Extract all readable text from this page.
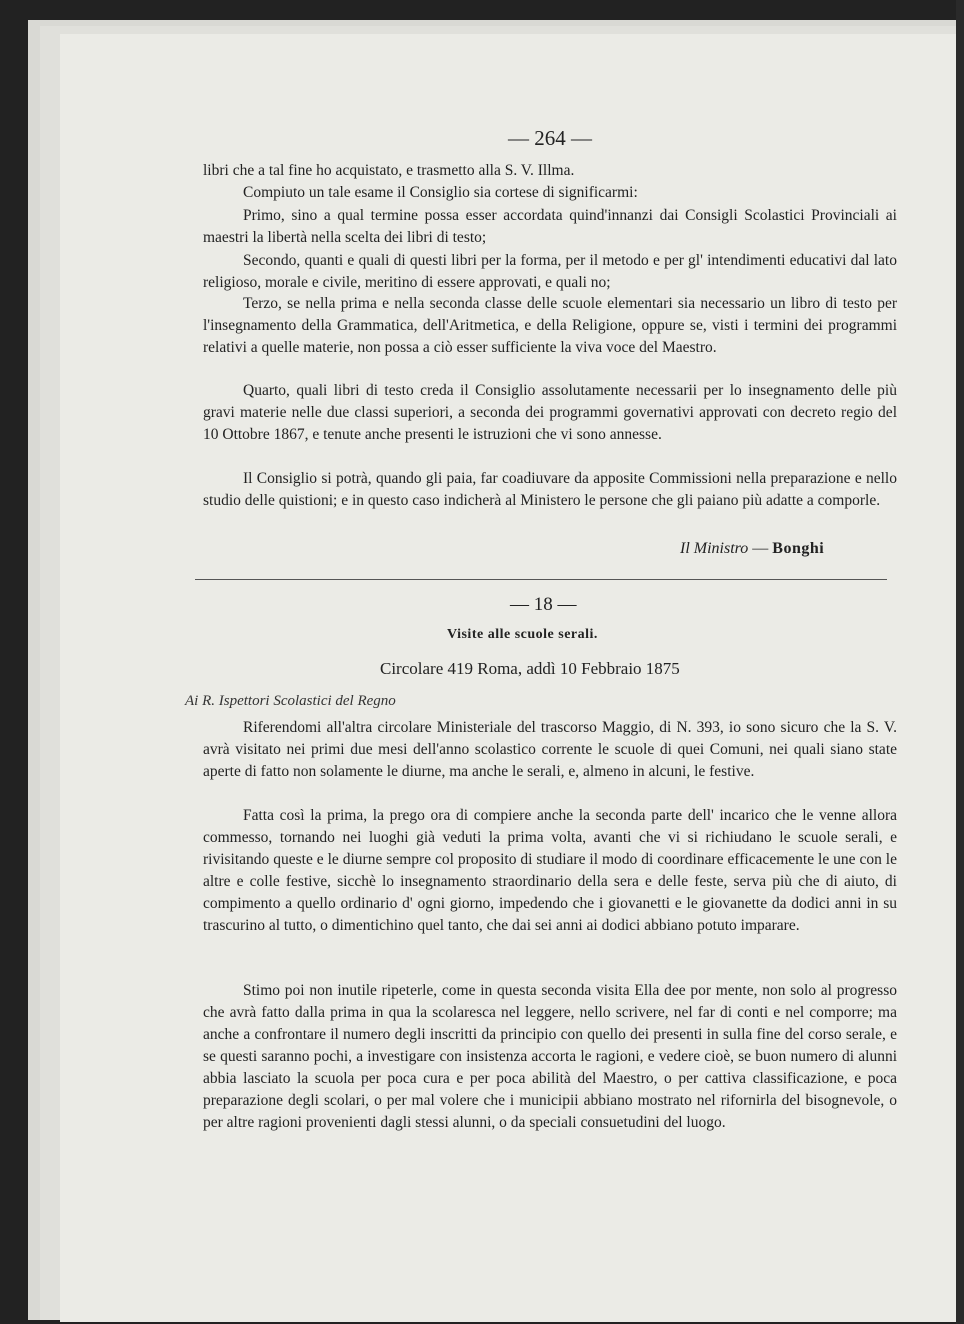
— 264 —

libri che a tal fine ho acquistato, e trasmetto alla S. V. Illma.

Compiuto un tale esame il Consiglio sia cortese di significarmi:

Primo, sino a qual termine possa esser accordata quind'innanzi dai Consigli Scolastici Provinciali ai maestri la libertà nella scelta dei libri di testo;

Secondo, quanti e quali di questi libri per la forma, per il metodo e per gl' intendimenti educativi dal lato religioso, morale e civile, meritino di essere approvati, e quali no;

Terzo, se nella prima e nella seconda classe delle scuole elementari sia necessario un libro di testo per l'insegnamento della Grammatica, dell'Aritmetica, e della Religione, oppure se, visti i termini dei programmi relativi a quelle materie, non possa a ciò esser sufficiente la viva voce del Maestro.

Quarto, quali libri di testo creda il Consiglio assolutamente necessarii per lo insegnamento delle più gravi materie nelle due classi superiori, a seconda dei programmi governativi approvati con decreto regio del 10 Ottobre 1867, e tenute anche presenti le istruzioni che vi sono annesse.

Il Consiglio si potrà, quando gli paia, far coadiuvare da apposite Commissioni nella preparazione e nello studio delle quistioni; e in questo caso indicherà al Ministero le persone che gli paiano più adatte a comporle.

Il Ministro — Bonghi
— 18 —
Visite alle scuole serali.
Circolare 419 Roma, addì 10 Febbraio 1875
Ai R. Ispettori Scolastici del Regno

Riferendomi all'altra circolare Ministeriale del trascorso Maggio, di N. 393, io sono sicuro che la S. V. avrà visitato nei primi due mesi dell'anno scolastico corrente le scuole di quei Comuni, nei quali siano state aperte di fatto non solamente le diurne, ma anche le serali, e, almeno in alcuni, le festive.

Fatta così la prima, la prego ora di compiere anche la seconda parte dell' incarico che le venne allora commesso, tornando nei luoghi già veduti la prima volta, avanti che vi si richiudano le scuole serali, e rivisitando queste e le diurne sempre col proposito di studiare il modo di coordinare efficacemente le une con le altre e colle festive, sicchè lo insegnamento straordinario della sera e delle feste, serva più che di aiuto, di compimento a quello ordinario d' ogni giorno, impedendo che i giovanetti e le giovanette da dodici anni in su trascurino al tutto, o dimentichino quel tanto, che dai sei anni ai dodici abbiano potuto imparare.

Stimo poi non inutile ripeterle, come in questa seconda visita Ella dee por mente, non solo al progresso che avrà fatto dalla prima in qua la scolaresca nel leggere, nello scrivere, nel far di conti e nel comporre; ma anche a confrontare il numero degli inscritti da principio con quello dei presenti in sulla fine del corso serale, e se questi saranno pochi, a investigare con insistenza accorta le ragioni, e vedere cioè, se buon numero di alunni abbia lasciato la scuola per poca cura e per poca abilità del Maestro, o per cattiva classificazione, e poca preparazione degli scolari, o per mal volere che i municipii abbiano mostrato nel rifornirla del bisognevole, o per altre ragioni provenienti dagli stessi alunni, o da speciali consuetudini del luogo.
